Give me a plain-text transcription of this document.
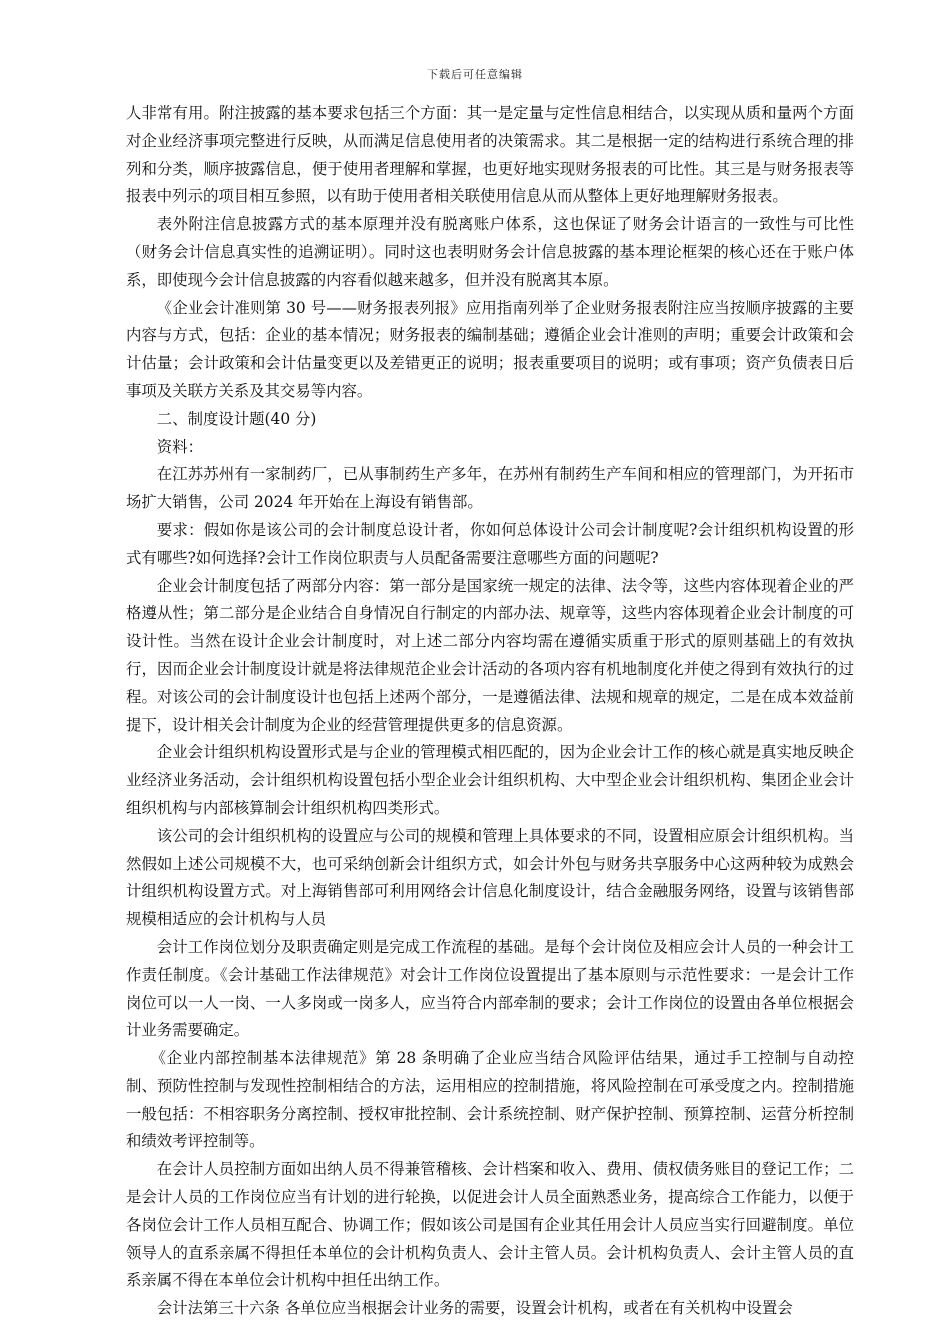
下载后可任意编辑

人非常有用。附注披露的基本要求包括三个方面：其一是定量与定性信息相结合，以实现从质和量两个方面对企业经济事项完整进行反映，从而满足信息使用者的决策需求。其二是根据一定的结构进行系统合理的排列和分类，顺序披露信息，便于使用者理解和掌握，也更好地实现财务报表的可比性。其三是与财务报表等报表中列示的项目相互参照，以有助于使用者相关联使用信息从而从整体上更好地理解财务报表。

表外附注信息披露方式的基本原理并没有脱离账户体系，这也保证了财务会计语言的一致性与可比性（财务会计信息真实性的追溯证明）。同时这也表明财务会计信息披露的基本理论框架的核心还在于账户体系，即使现今会计信息披露的内容看似越来越多，但并没有脱离其本原。

《企业会计准则第 30 号——财务报表列报》应用指南列举了企业财务报表附注应当按顺序披露的主要内容与方式，包括：企业的基本情况；财务报表的编制基础；遵循企业会计准则的声明；重要会计政策和会计估量；会计政策和会计估量变更以及差错更正的说明；报表重要项目的说明；或有事项；资产负债表日后事项及关联方关系及其交易等内容。

二、制度设计题(40 分)

资料：

在江苏苏州有一家制药厂，已从事制药生产多年，在苏州有制药生产车间和相应的管理部门，为开拓市场扩大销售，公司 2024 年开始在上海设有销售部。

要求：假如你是该公司的会计制度总设计者，你如何总体设计公司会计制度呢?会计组织机构设置的形式有哪些?如何选择?会计工作岗位职责与人员配备需要注意哪些方面的问题呢?

企业会计制度包括了两部分内容：第一部分是国家统一规定的法律、法令等，这些内容体现着企业的严格遵从性；第二部分是企业结合自身情况自行制定的内部办法、规章等，这些内容体现着企业会计制度的可设计性。当然在设计企业会计制度时，对上述二部分内容均需在遵循实质重于形式的原则基础上的有效执行，因而企业会计制度设计就是将法律规范企业会计活动的各项内容有机地制度化并使之得到有效执行的过程。对该公司的会计制度设计也包括上述两个部分，一是遵循法律、法规和规章的规定，二是在成本效益前提下，设计相关会计制度为企业的经营管理提供更多的信息资源。

企业会计组织机构设置形式是与企业的管理模式相匹配的，因为企业会计工作的核心就是真实地反映企业经济业务活动，会计组织机构设置包括小型企业会计组织机构、大中型企业会计组织机构、集团企业会计组织机构与内部核算制会计组织机构四类形式。

该公司的会计组织机构的设置应与公司的规模和管理上具体要求的不同，设置相应原会计组织机构。当然假如上述公司规模不大，也可采纳创新会计组织方式，如会计外包与财务共享服务中心这两种较为成熟会计组织机构设置方式。对上海销售部可利用网络会计信息化制度设计，结合金融服务网络，设置与该销售部规模相适应的会计机构与人员

会计工作岗位划分及职责确定则是完成工作流程的基础。是每个会计岗位及相应会计人员的一种会计工作责任制度。《会计基础工作法律规范》对会计工作岗位设置提出了基本原则与示范性要求：一是会计工作岗位可以一人一岗、一人多岗或一岗多人，应当符合内部牵制的要求；会计工作岗位的设置由各单位根据会计业务需要确定。

《企业内部控制基本法律规范》第 28 条明确了企业应当结合风险评估结果，通过手工控制与自动控制、预防性控制与发现性控制相结合的方法，运用相应的控制措施，将风险控制在可承受度之内。控制措施一般包括：不相容职务分离控制、授权审批控制、会计系统控制、财产保护控制、预算控制、运营分析控制和绩效考评控制等。

在会计人员控制方面如出纳人员不得兼管稽核、会计档案和收入、费用、债权债务账目的登记工作；二是会计人员的工作岗位应当有计划的进行轮换，以促进会计人员全面熟悉业务，提高综合工作能力，以便于各岗位会计工作人员相互配合、协调工作；假如该公司是国有企业其任用会计人员应当实行回避制度。单位领导人的直系亲属不得担任本单位的会计机构负责人、会计主管人员。会计机构负责人、会计主管人员的直系亲属不得在本单位会计机构中担任出纳工作。

会计法第三十六条 各单位应当根据会计业务的需要，设置会计机构，或者在有关机构中设置会
